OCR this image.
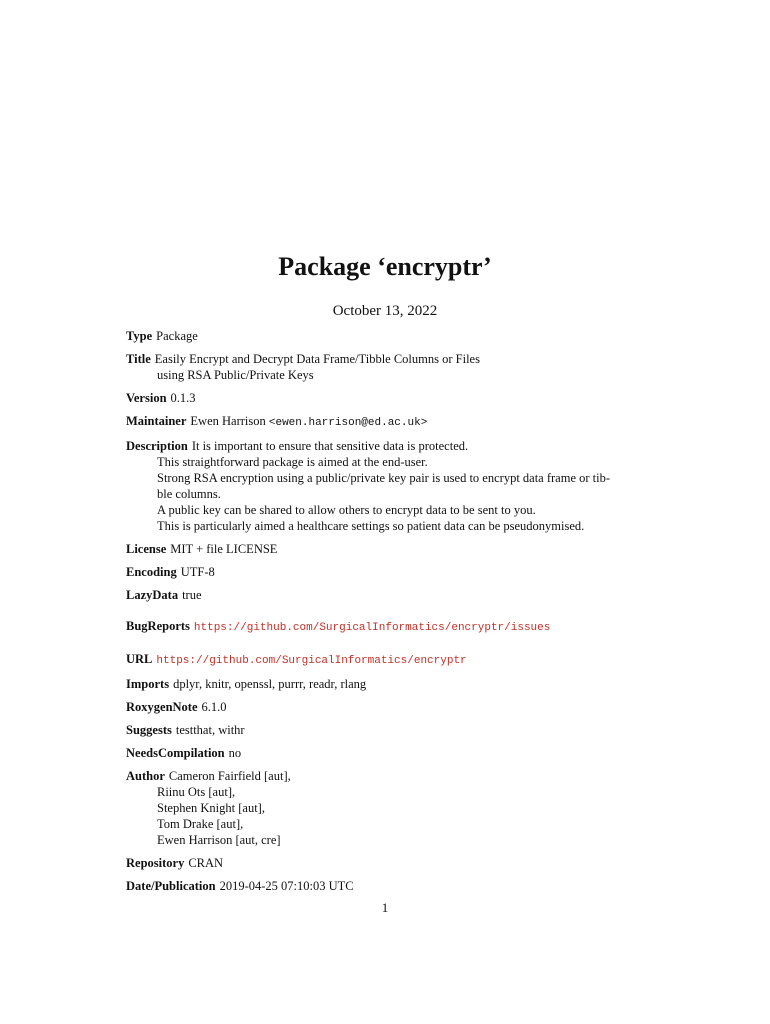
Package ‘encryptr’
October 13, 2022
Type Package
Title Easily Encrypt and Decrypt Data Frame/Tibble Columns or Files
using RSA Public/Private Keys
Version 0.1.3
Maintainer Ewen Harrison <ewen.harrison@ed.ac.uk>
Description It is important to ensure that sensitive data is protected.
This straightforward package is aimed at the end-user.
Strong RSA encryption using a public/private key pair is used to encrypt data frame or tib-
ble columns.
A public key can be shared to allow others to encrypt data to be sent to you.
This is particularly aimed a healthcare settings so patient data can be pseudonymised.
License MIT + file LICENSE
Encoding UTF-8
LazyData true
BugReports https://github.com/SurgicalInformatics/encryptr/issues
URL https://github.com/SurgicalInformatics/encryptr
Imports dplyr, knitr, openssl, purrr, readr, rlang
RoxygenNote 6.1.0
Suggests testthat, withr
NeedsCompilation no
Author Cameron Fairfield [aut],
Riinu Ots [aut],
Stephen Knight [aut],
Tom Drake [aut],
Ewen Harrison [aut, cre]
Repository CRAN
Date/Publication 2019-04-25 07:10:03 UTC
1
